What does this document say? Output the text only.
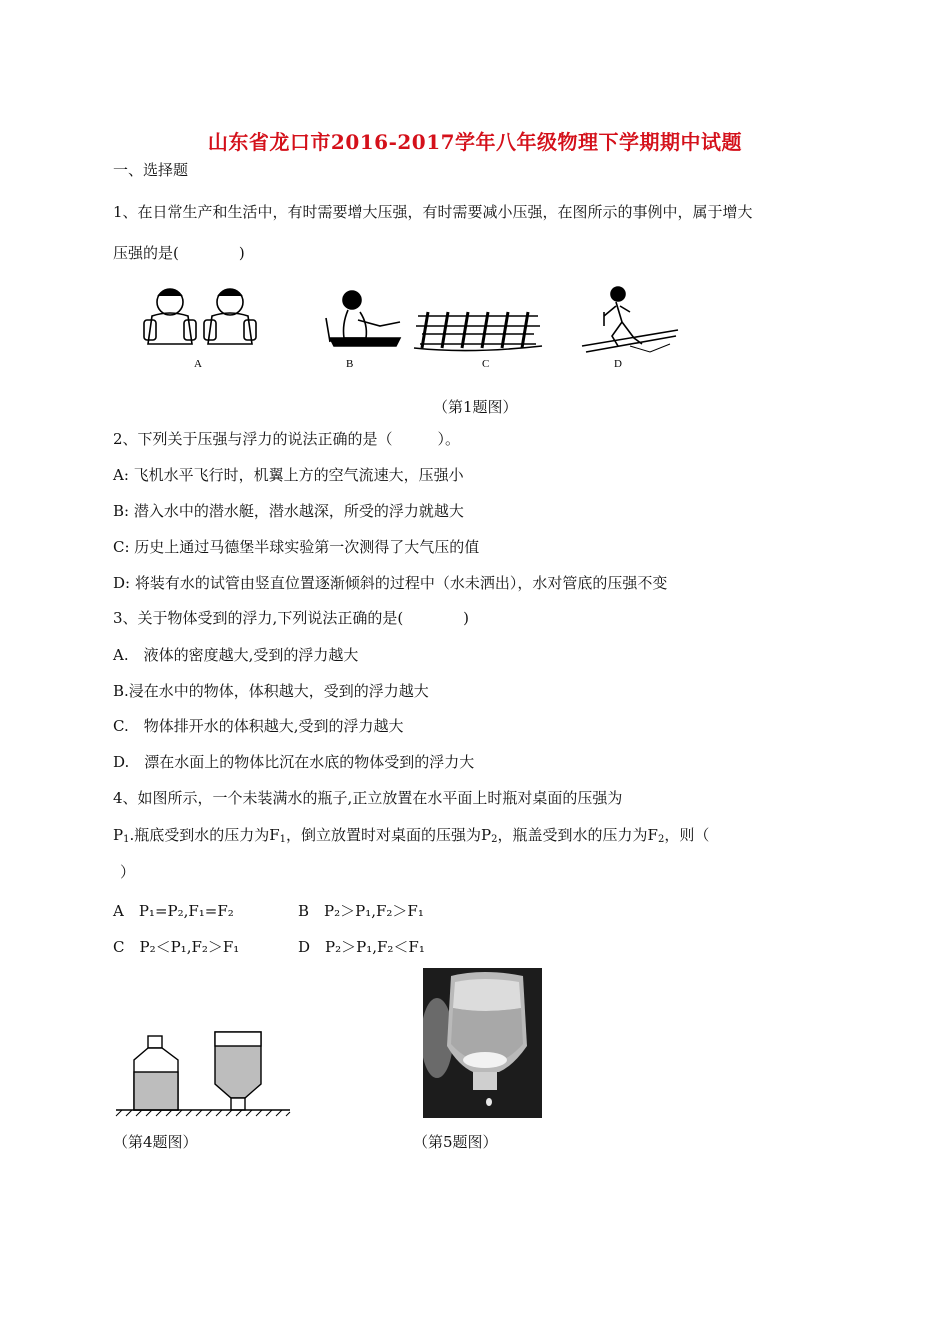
山东省龙口市2016-2017学年八年级物理下学期期中试题
一、选择题
1、在日常生产和生活中，有时需要增大压强，有时需要减小压强，在图所示的事例中，属于增大
压强的是(　　　　)
A	B	C	D
（第1题图）
2、下列关于压强与浮力的说法正确的是（　　　）。
A: 飞机水平飞行时，机翼上方的空气流速大，压强小
B: 潜入水中的潜水艇，潜水越深，所受的浮力就越大
C: 历史上通过马德堡半球实验第一次测得了大气压的值
D: 将装有水的试管由竖直位置逐渐倾斜的过程中（水未洒出），水对管底的压强不变
3、关于物体受到的浮力,下列说法正确的是(　　　　)
A.　液体的密度越大,受到的浮力越大
B.浸在水中的物体，体积越大，受到的浮力越大
C.　物体排开水的体积越大,受到的浮力越大
D.　漂在水面上的物体比沉在水底的物体受到的浮力大
4、如图所示，一个未装满水的瓶子,正立放置在水平面上时瓶对桌面的压强为
$P_1$.瓶底受到水的压力为$F_1$，倒立放置时对桌面的压强为$P_2$，瓶盖受到水的压力为$F_2$，则（
）
A　P₁=P₂,F₁=F₂	B　P₂＞P₁,F₂＞F₁
C　P₂＜P₁,F₂＞F₁	D　P₂＞P₁,F₂＜F₁
（第4题图）	（第5题图）
